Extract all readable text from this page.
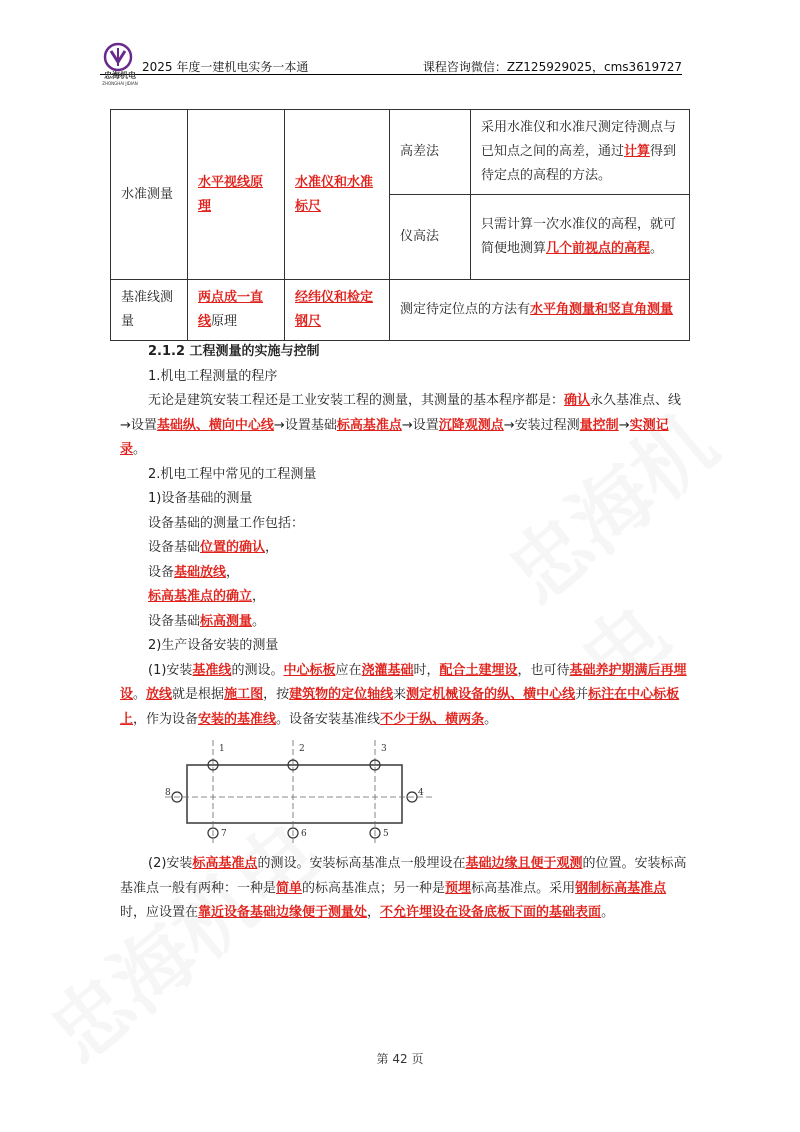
忠海机电
ZHONGHAI JIDIAN
2025 年度一建机电实务一本通	课程咨询微信：ZZ125929025，cms3619727
水准测量	水平视线原理	水准仪和水准标尺	高差法	采用水准仪和水准尺测定待测点与已知点之间的高差，通过计算得到待定点的高程的方法。
			仪高法	只需计算一次水准仪的高程，就可简便地测算几个前视点的高程。
基准线测量	两点成一直线原理	经纬仪和检定钢尺	测定待定位点的方法有水平角测量和竖直角测量	

2.1.2 工程测量的实施与控制

1.机电工程测量的程序

无论是建筑安装工程还是工业安装工程的测量，其测量的基本程序都是：确认永久基准点、线→设置基础纵、横向中心线→设置基础标高基准点→设置沉降观测点→安装过程测量控制→实测记录。

2.机电工程中常见的工程测量

1)设备基础的测量

设备基础的测量工作包括：

设备基础位置的确认，

设备基础放线，

标高基准点的确立，

设备基础标高测量。

2)生产设备安装的测量

(1)安装基准线的测设。中心标板应在浇灌基础时，配合土建埋设，也可待基础养护期满后再埋设。放线就是根据施工图，按建筑物的定位轴线来测定机械设备的纵、横中心线并标注在中心标板上，作为设备安装的基准线。设备安装基准线不少于纵、横两条。

1	2	3
4
5
6
7
8

(2)安装标高基准点的测设。安装标高基准点一般埋设在基础边缘且便于观测的位置。安装标高基准点一般有两种：一种是简单的标高基准点；另一种是预埋标高基准点。采用钢制标高基准点时，应设置在靠近设备基础边缘便于测量处，不允许埋设在设备底板下面的基础表面。

第 42 页
